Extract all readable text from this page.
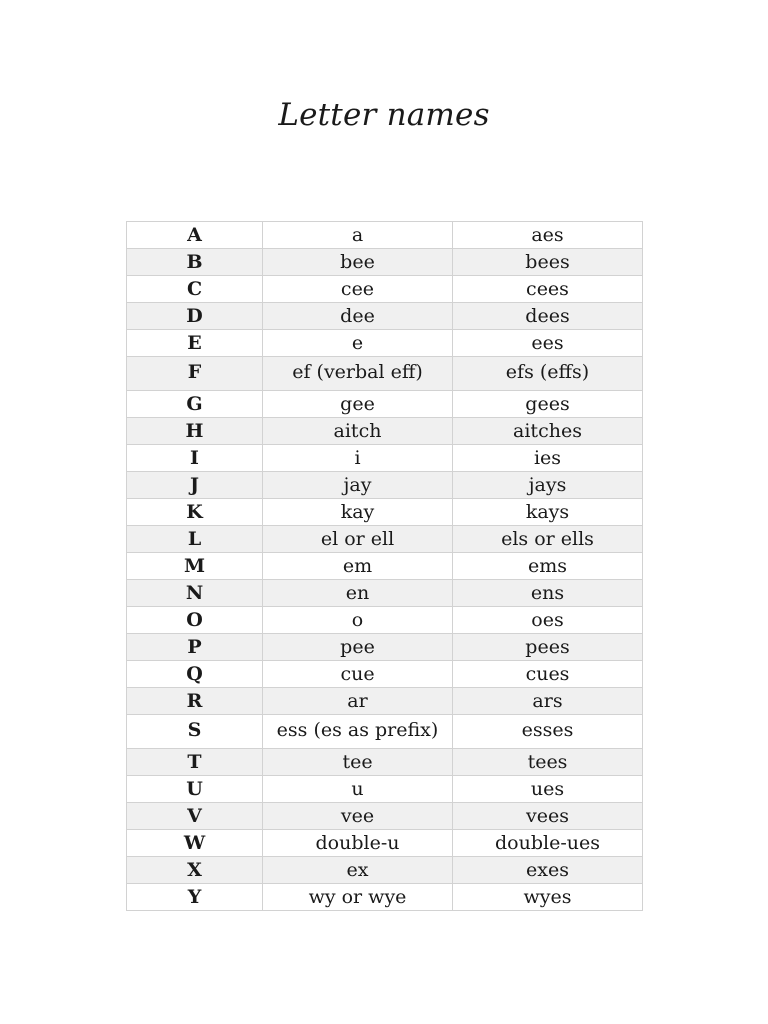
Letter names
A	a	aes
B	bee	bees
C	cee	cees
D	dee	dees
E	e	ees
F	ef (verbal eff)	efs (effs)
G	gee	gees
H	aitch	aitches
I	i	ies
J	jay	jays
K	kay	kays
L	el or ell	els or ells
M	em	ems
N	en	ens
O	o	oes
P	pee	pees
Q	cue	cues
R	ar	ars
S	ess (es as prefix)	esses
T	tee	tees
U	u	ues
V	vee	vees
W	double-u	double-ues
X	ex	exes
Y	wy or wye	wyes
